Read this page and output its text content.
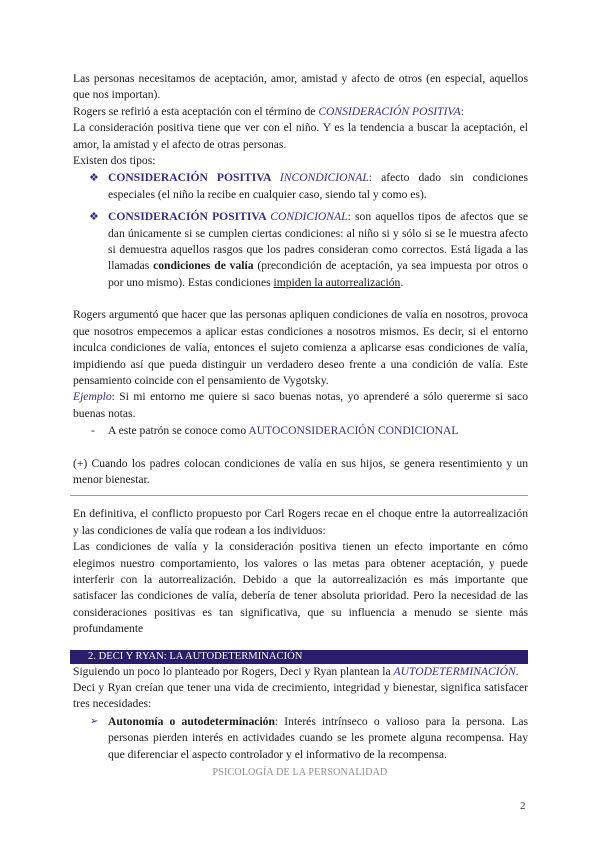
Las personas necesitamos de aceptación, amor, amistad y afecto de otros (en especial, aquellos que nos importan).

Rogers se refirió a esta aceptación con el término de CONSIDERACIÓN POSITIVA:

La consideración positiva tiene que ver con el niño. Y es la tendencia a buscar la aceptación, el amor, la amistad y el afecto de otras personas.

Existen dos tipos:

❖ CONSIDERACIÓN POSITIVA INCONDICIONAL: afecto dado sin condiciones especiales (el niño la recibe en cualquier caso, siendo tal y como es).
❖ CONSIDERACIÓN POSITIVA CONDICIONAL: son aquellos tipos de afectos que se dan únicamente si se cumplen ciertas condiciones: al niño si y sólo si se le muestra afecto si demuestra aquellos rasgos que los padres consideran como correctos. Está ligada a las llamadas condiciones de valía (precondición de aceptación, ya sea impuesta por otros o por uno mismo). Estas condiciones impiden la autorrealización.

Rogers argumentó que hacer que las personas apliquen condiciones de valía en nosotros, provoca que nosotros empecemos a aplicar estas condiciones a nosotros mismos. Es decir, si el entorno inculca condiciones de valía, entonces el sujeto comienza a aplicarse esas condiciones de valía, impidiendo así que pueda distinguir un verdadero deseo frente a una condición de valía. Este pensamiento coincide con el pensamiento de Vygotsky.

Ejemplo: Si mi entorno me quiere si saco buenas notas, yo aprenderé a sólo quererme si saco buenas notas.

- A este patrón se conoce como AUTOCONSIDERACIÓN CONDICIONAL

(+) Cuando los padres colocan condiciones de valía en sus hijos, se genera resentimiento y un menor bienestar.

En definitiva, el conflicto propuesto por Carl Rogers recae en el choque entre la autorrealización y las condiciones de valía que rodean a los individuos:

Las condiciones de valía y la consideración positiva tienen un efecto importante en cómo elegimos nuestro comportamiento, los valores o las metas para obtener aceptación, y puede interferir con la autorrealización. Debido a que la autorrealización es más importante que satisfacer las condiciones de valía, debería de tener absoluta prioridad. Pero la necesidad de las consideraciones positivas es tan significativa, que su influencia a menudo se siente más profundamente

2. DECI Y RYAN: LA AUTODETERMINACIÓN

Siguiendo un poco lo planteado por Rogers, Deci y Ryan plantean la AUTODETERMINACIÓN.

Deci y Ryan creían que tener una vida de crecimiento, integridad y bienestar, significa satisfacer tres necesidades:

➢ Autonomía o autodeterminación: Interés intrínseco o valioso para la persona. Las personas pierden interés en actividades cuando se les promete alguna recompensa. Hay que diferenciar el aspecto controlador y el informativo de la recompensa.
PSICOLOGÍA DE LA PERSONALIDAD
2
